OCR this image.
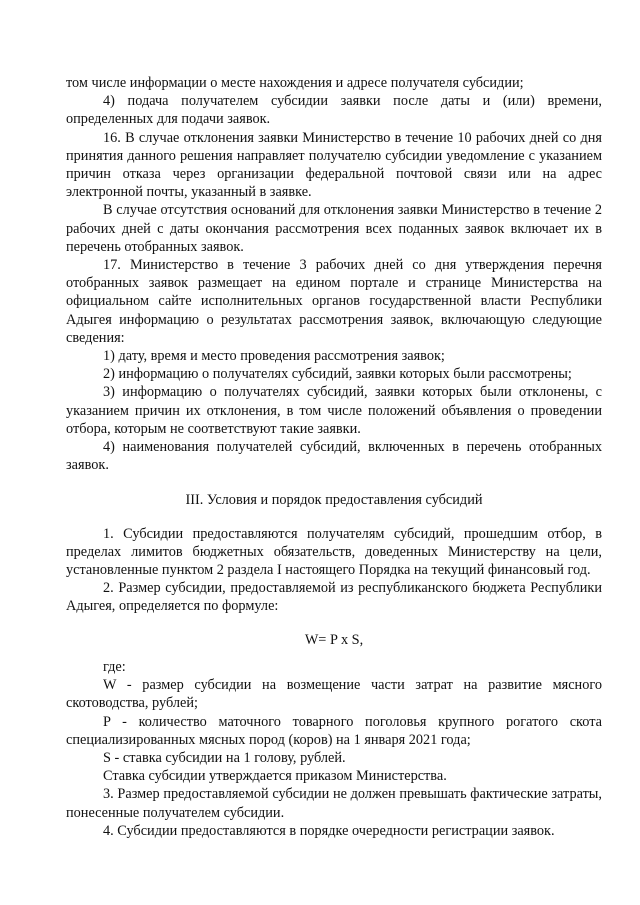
том числе информации о месте нахождения и адресе получателя субсидии;

4) подача получателем субсидии заявки после даты и (или) времени, определенных для подачи заявок.

16. В случае отклонения заявки Министерство в течение 10 рабочих дней со дня принятия данного решения направляет получателю субсидии уведомление с указанием причин отказа через организации федеральной почтовой связи или на адрес электронной почты, указанный в заявке.

В случае отсутствия оснований для отклонения заявки Министерство в течение 2 рабочих дней с даты окончания рассмотрения всех поданных заявок включает их в перечень отобранных заявок.

17. Министерство в течение 3 рабочих дней со дня утверждения перечня отобранных заявок размещает на едином портале и странице Министерства на официальном сайте исполнительных органов государственной власти Республики Адыгея информацию о результатах рассмотрения заявок, включающую следующие сведения:

1) дату, время и место проведения рассмотрения заявок;

2) информацию о получателях субсидий, заявки которых были рассмотрены;

3) информацию о получателях субсидий, заявки которых были отклонены, с указанием причин их отклонения, в том числе положений объявления о проведении отбора, которым не соответствуют такие заявки.

4) наименования получателей субсидий, включенных в перечень отобранных заявок.

III. Условия и порядок предоставления субсидий

1. Субсидии предоставляются получателям субсидий, прошедшим отбор, в пределах лимитов бюджетных обязательств, доведенных Министерству на цели, установленные пунктом 2 раздела I настоящего Порядка на текущий финансовый год.

2. Размер субсидии, предоставляемой из республиканского бюджета Республики Адыгея, определяется по формуле:

W= P x S,

где:

W - размер субсидии на возмещение части затрат на развитие мясного скотоводства, рублей;

P - количество маточного товарного поголовья крупного рогатого скота специализированных мясных пород (коров) на 1 января 2021 года;

S - ставка субсидии на 1 голову, рублей.

Ставка субсидии утверждается приказом Министерства.

3. Размер предоставляемой субсидии не должен превышать фактические затраты, понесенные получателем субсидии.

4. Субсидии предоставляются в порядке очередности регистрации заявок.
